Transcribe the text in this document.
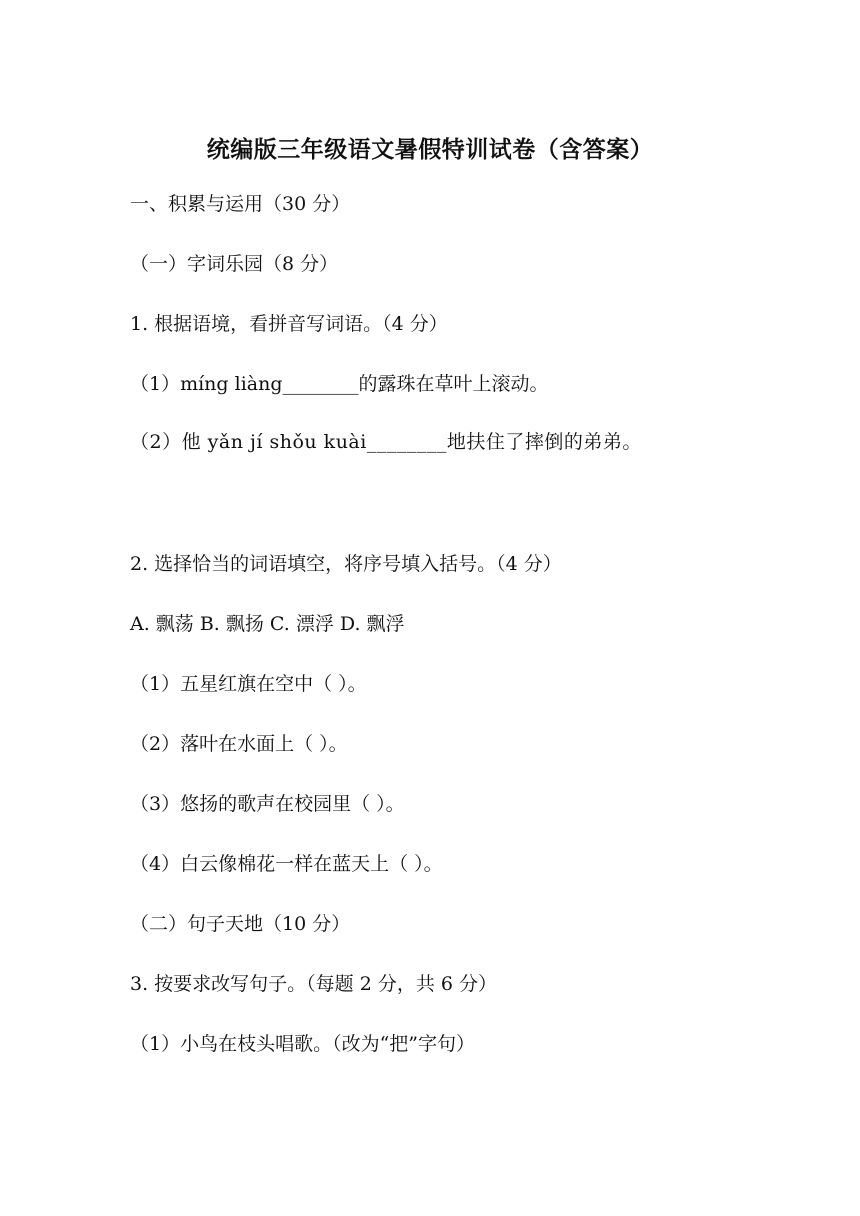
统编版三年级语文暑假特训试卷（含答案）
一、积累与运用（30 分）
（一）字词乐园（8 分）
1. 根据语境，看拼音写词语。（4 分）
（1）míng liàng________的露珠在草叶上滚动。
（2）他 yǎn jí shǒu kuài________地扶住了摔倒的弟弟。
2. 选择恰当的词语填空，将序号填入括号。（4 分）
A. 飘荡 B. 飘扬 C. 漂浮 D. 飘浮
（1）五星红旗在空中（ ）。
（2）落叶在水面上（ ）。
（3）悠扬的歌声在校园里（ ）。
（4）白云像棉花一样在蓝天上（ ）。
（二）句子天地（10 分）
3. 按要求改写句子。（每题 2 分，共 6 分）
（1）小鸟在枝头唱歌。（改为“把”字句）
